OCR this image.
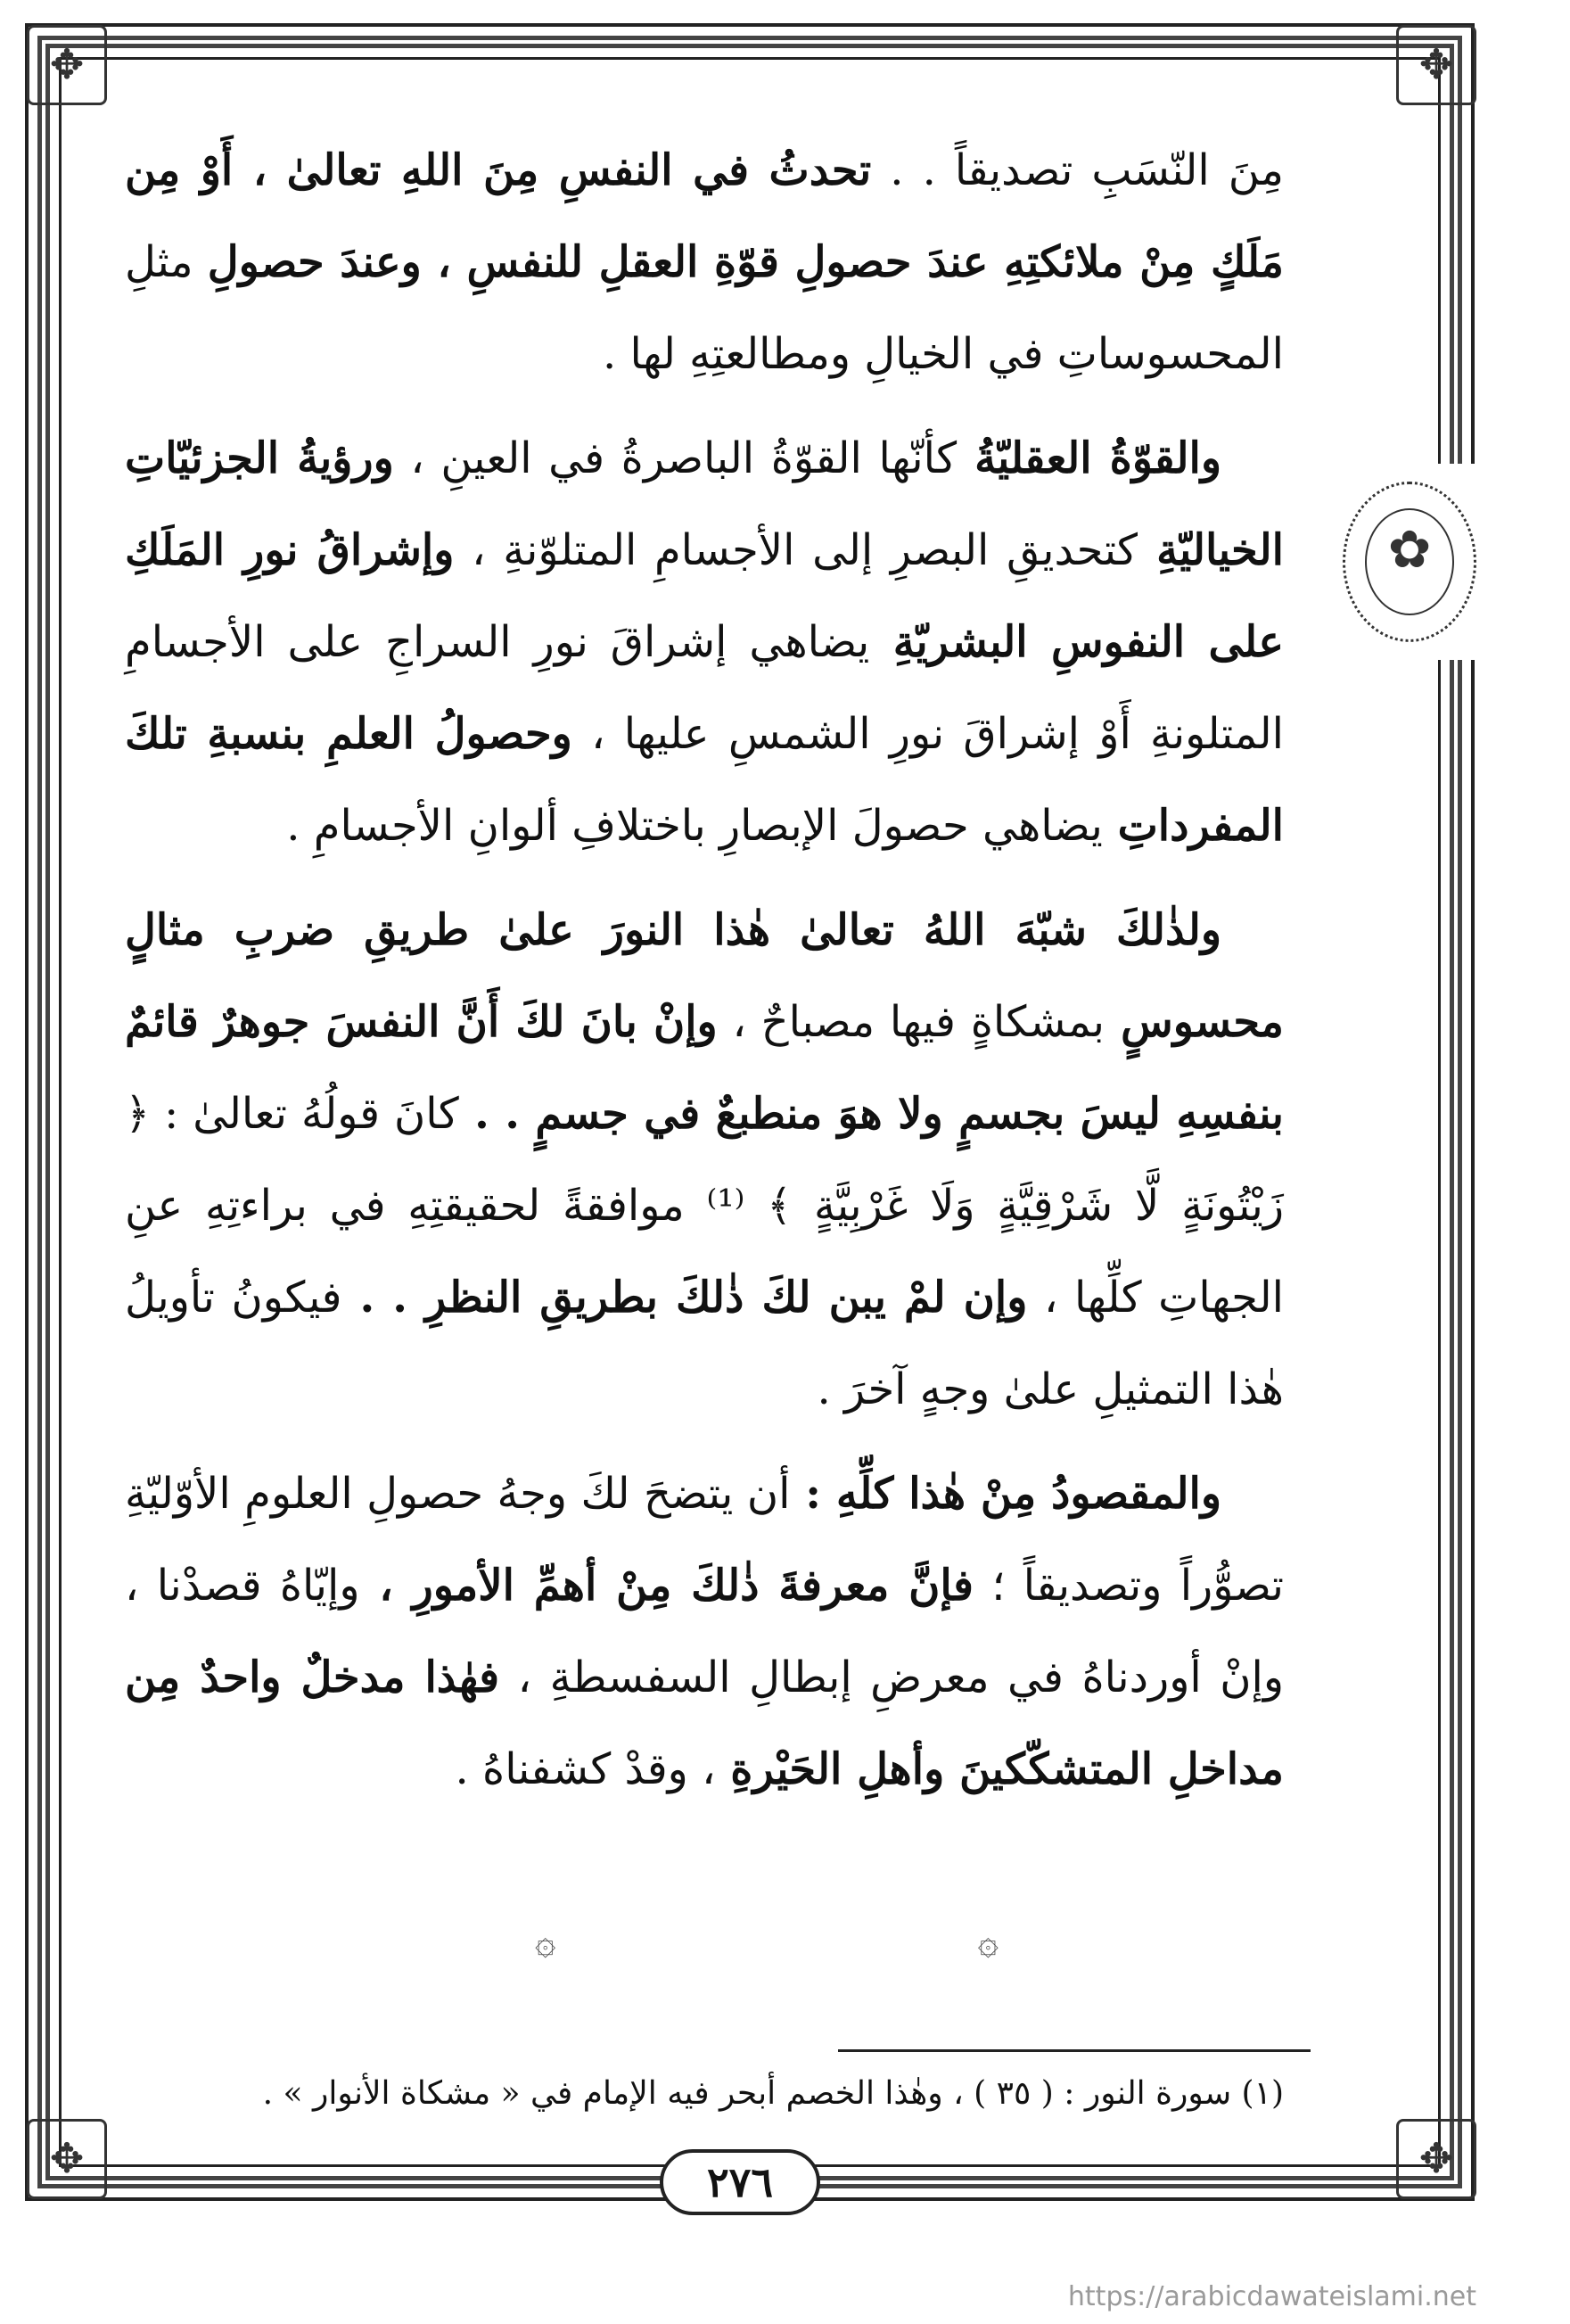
✥
✥
✥
✥
✿

مِنَ النّسَبِ تصديقاً . . تحدثُ في النفسِ مِنَ اللهِ تعالىٰ ، أَوْ مِن مَلَكٍ مِنْ ملائكتِهِ عندَ حصولِ قوّةِ العقلِ للنفسِ ، وعندَ حصولِ مثلِ المحسوساتِ في الخيالِ ومطالعتِهِ لها .

والقوّةُ العقليّةُ كأنّها القوّةُ الباصرةُ في العينِ ، ورؤيةُ الجزئيّاتِ الخياليّةِ كتحديقِ البصرِ إلى الأجسامِ المتلوّنةِ ، وإشراقُ نورِ المَلَكِ على النفوسِ البشريّةِ يضاهي إشراقَ نورِ السراجِ على الأجسامِ المتلونةِ أَوْ إشراقَ نورِ الشمسِ عليها ، وحصولُ العلمِ بنسبةِ تلكَ المفرداتِ يضاهي حصولَ الإبصارِ باختلافِ ألوانِ الأجسامِ .

ولذٰلكَ شبّهَ اللهُ تعالىٰ هٰذا النورَ علىٰ طريقِ ضربِ مثالٍ محسوسٍ بمشكاةٍ فيها مصباحٌ ، وإنْ بانَ لكَ أَنَّ النفسَ جوهرٌ قائمٌ بنفسِهِ ليسَ بجسمٍ ولا هوَ منطبعٌ في جسمٍ . . كانَ قولُهُ تعالىٰ : ﴿ زَيْتُونَةٍ لَّا شَرْقِيَّةٍ وَلَا غَرْبِيَّةٍ ﴾ ⁽¹⁾ موافقةً لحقيقتِهِ في براءتِهِ عنِ الجهاتِ كلِّها ، وإن لمْ يبن لكَ ذٰلكَ بطريقِ النظرِ . . فيكونُ تأويلُ هٰذا التمثيلِ علىٰ وجهٍ آخرَ .

والمقصودُ مِنْ هٰذا كلِّهِ : أن يتضحَ لكَ وجهُ حصولِ العلومِ الأوّليّةِ تصوُّراً وتصديقاً ؛ فإنَّ معرفةَ ذٰلكَ مِنْ أهمِّ الأمورِ ، وإيّاهُ قصدْنا ، وإنْ أوردناهُ في معرضِ إبطالِ السفسطةِ ، فهٰذا مدخلٌ واحدٌ مِن مداخلِ المتشكّكينَ وأهلِ الحَيْرةِ ، وقدْ كشفناهُ .

۞
۞
(١) سورة النور : ( ٣٥ ) ، وهٰذا الخصم أبحر فيه الإمام في « مشكاة الأنوار » .
٢٧٦
https://arabicdawateislami.net
